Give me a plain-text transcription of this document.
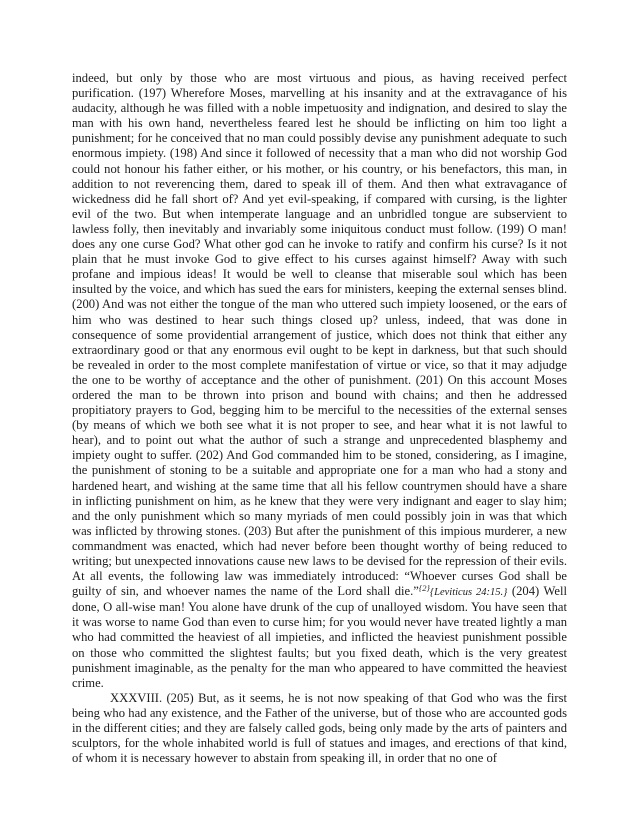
indeed, but only by those who are most virtuous and pious, as having received perfect purification. (197) Wherefore Moses, marvelling at his insanity and at the extravagance of his audacity, although he was filled with a noble impetuosity and indignation, and desired to slay the man with his own hand, nevertheless feared lest he should be inflicting on him too light a punishment; for he conceived that no man could possibly devise any punishment adequate to such enormous impiety. (198) And since it followed of necessity that a man who did not worship God could not honour his father either, or his mother, or his country, or his benefactors, this man, in addition to not reverencing them, dared to speak ill of them. And then what extravagance of wickedness did he fall short of? And yet evil-speaking, if compared with cursing, is the lighter evil of the two. But when intemperate language and an unbridled tongue are subservient to lawless folly, then inevitably and invariably some iniquitous conduct must follow. (199) O man! does any one curse God? What other god can he invoke to ratify and confirm his curse? Is it not plain that he must invoke God to give effect to his curses against himself? Away with such profane and impious ideas! It would be well to cleanse that miserable soul which has been insulted by the voice, and which has sued the ears for ministers, keeping the external senses blind. (200) And was not either the tongue of the man who uttered such impiety loosened, or the ears of him who was destined to hear such things closed up? unless, indeed, that was done in consequence of some providential arrangement of justice, which does not think that either any extraordinary good or that any enormous evil ought to be kept in darkness, but that such should be revealed in order to the most complete manifestation of virtue or vice, so that it may adjudge the one to be worthy of acceptance and the other of punishment. (201) On this account Moses ordered the man to be thrown into prison and bound with chains; and then he addressed propitiatory prayers to God, begging him to be merciful to the necessities of the external senses (by means of which we both see what it is not proper to see, and hear what it is not lawful to hear), and to point out what the author of such a strange and unprecedented blasphemy and impiety ought to suffer. (202) And God commanded him to be stoned, considering, as I imagine, the punishment of stoning to be a suitable and appropriate one for a man who had a stony and hardened heart, and wishing at the same time that all his fellow countrymen should have a share in inflicting punishment on him, as he knew that they were very indignant and eager to slay him; and the only punishment which so many myriads of men could possibly join in was that which was inflicted by throwing stones. (203) But after the punishment of this impious murderer, a new commandment was enacted, which had never before been thought worthy of being reduced to writing; but unexpected innovations cause new laws to be devised for the repression of their evils. At all events, the following law was immediately introduced: “Whoever curses God shall be guilty of sin, and whoever names the name of the Lord shall die.”$^{\{2\}}${Leviticus 24:15.} (204) Well done, O all-wise man! You alone have drunk of the cup of unalloyed wisdom. You have seen that it was worse to name God than even to curse him; for you would never have treated lightly a man who had committed the heaviest of all impieties, and inflicted the heaviest punishment possible on those who committed the slightest faults; but you fixed death, which is the very greatest punishment imaginable, as the penalty for the man who appeared to have committed the heaviest crime.

XXXVIII. (205) But, as it seems, he is not now speaking of that God who was the first being who had any existence, and the Father of the universe, but of those who are accounted gods in the different cities; and they are falsely called gods, being only made by the arts of painters and sculptors, for the whole inhabited world is full of statues and images, and erections of that kind, of whom it is necessary however to abstain from speaking ill, in order that no one of
